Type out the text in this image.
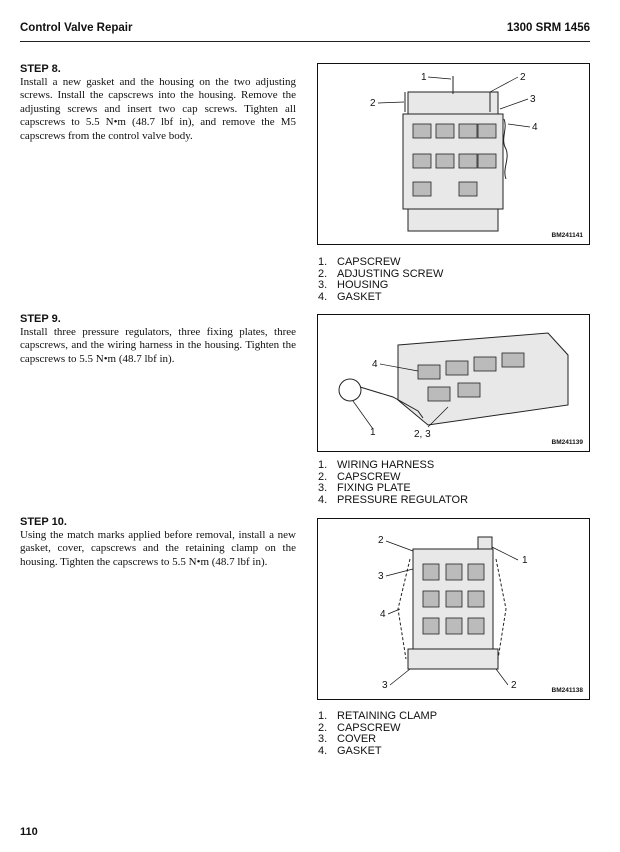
Control Valve Repair	1300 SRM 1456
STEP 8.

Install a new gasket and the housing on the two adjusting screws. Install the capscrews into the housing. Remove the adjusting screws and insert two cap screws. Tighten all capscrews to 5.5 N•m (48.7 lbf in), and remove the M5 capscrews from the control valve body.

1	2
2	3
4
BM241141
1. CAPSCREW
2. ADJUSTING SCREW
3. HOUSING
4. GASKET
STEP 9.

Install three pressure regulators, three fixing plates, three capscrews, and the wiring harness in the housing. Tighten the capscrews to 5.5 N•m (48.7 lbf in).	4
1	2, 3
BM241139
1. WIRING HARNESS
2. CAPSCREW
3. FIXING PLATE
4. PRESSURE REGULATOR
STEP 10.

Using the match marks applied before removal, install a new gasket, cover, capscrews and the retaining clamp on the housing. Tighten the capscrews to 5.5 N•m (48.7 lbf in).

2
1
3
4
3	2	BM241138
1. RETAINING CLAMP
2. CAPSCREW
3. COVER
4. GASKET
110
